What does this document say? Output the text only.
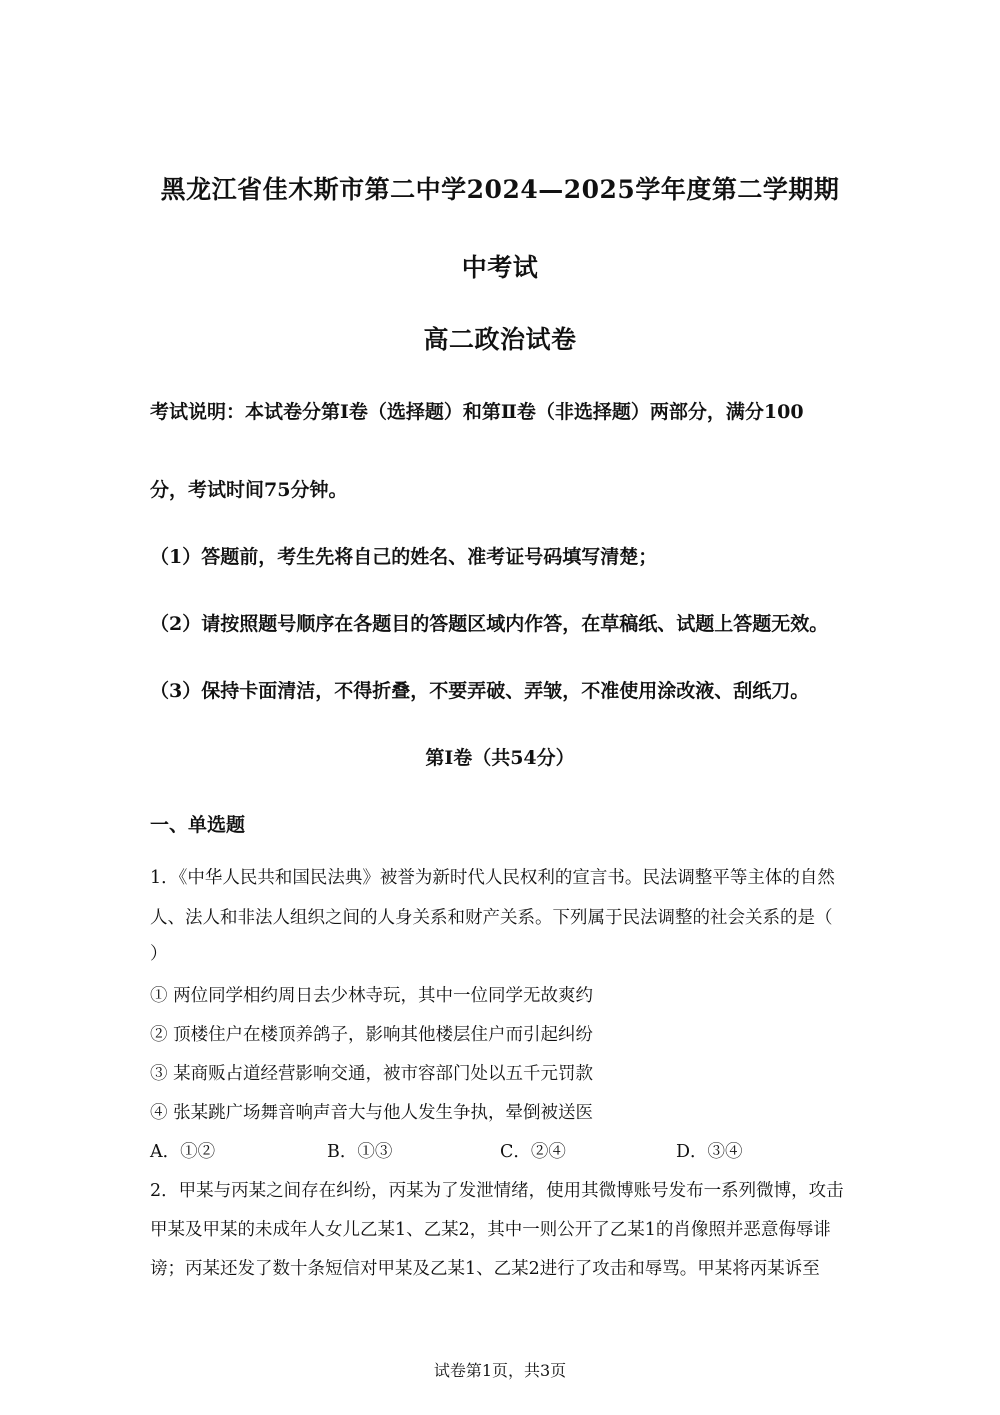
黑龙江省佳木斯市第二中学2024—2025学年度第二学期期
中考试
高二政治试卷
考试说明：本试卷分第Ⅰ卷（选择题）和第Ⅱ卷（非选择题）两部分，满分100
分，考试时间75分钟。
（1）答题前，考生先将自己的姓名、准考证号码填写清楚；
（2）请按照题号顺序在各题目的答题区域内作答，在草稿纸、试题上答题无效。
（3）保持卡面清洁，不得折叠，不要弄破、弄皱，不准使用涂改液、刮纸刀。
第Ⅰ卷（共54分）
一、单选题
1．《中华人民共和国民法典》被誉为新时代人民权利的宣言书。民法调整平等主体的自然
人、法人和非法人组织之间的人身关系和财产关系。下列属于民法调整的社会关系的是（
）
① 两位同学相约周日去少林寺玩，其中一位同学无故爽约
② 顶楼住户在楼顶养鸽子，影响其他楼层住户而引起纠纷
③ 某商贩占道经营影响交通，被市容部门处以五千元罚款
④ 张某跳广场舞音响声音大与他人发生争执，晕倒被送医
A．①②	B．①③	C．②④	D．③④
2．甲某与丙某之间存在纠纷，丙某为了发泄情绪，使用其微博账号发布一系列微博，攻击
甲某及甲某的未成年人女儿乙某1、乙某2，其中一则公开了乙某1的肖像照并恶意侮辱诽
谤；丙某还发了数十条短信对甲某及乙某1、乙某2进行了攻击和辱骂。甲某将丙某诉至
试卷第1页，共3页
